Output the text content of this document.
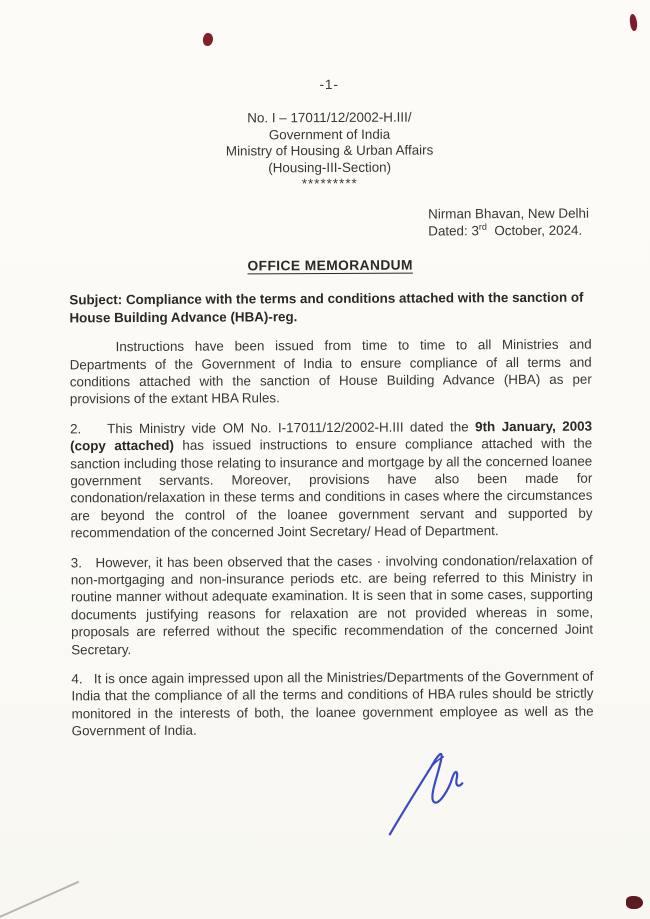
-1-
No. I – 17011/12/2002-H.III/
Government of India
Ministry of Housing & Urban Affairs
(Housing-III-Section)
*********
Nirman Bhavan, New Delhi
Dated: 3rd  October, 2024.
OFFICE MEMORANDUM
Subject: Compliance with the terms and conditions attached with the sanction of House Building Advance (HBA)-reg.

Instructions have been issued from time to time to all Ministries and Departments of the Government of India to ensure compliance of all terms and conditions attached with the sanction of House Building Advance (HBA) as per provisions of the extant HBA Rules.

2.    This Ministry vide OM No. I-17011/12/2002-H.III dated the 9th January, 2003 (copy attached) has issued instructions to ensure compliance attached with the sanction including those relating to insurance and mortgage by all the concerned loanee government servants. Moreover, provisions have also been made for condonation/relaxation in these terms and conditions in cases where the circumstances are beyond the control of the loanee government servant and supported by recommendation of the concerned Joint Secretary/ Head of Department.

3.   However, it has been observed that the cases · involving condonation/relaxation of non-mortgaging and non-insurance periods etc. are being referred to this Ministry in routine manner without adequate examination. It is seen that in some cases, supporting documents justifying reasons for relaxation are not provided whereas in some, proposals are referred without the specific recommendation of the concerned Joint Secretary.

4.   It is once again impressed upon all the Ministries/Departments of the Government of India that the compliance of all the terms and conditions of HBA rules should be strictly monitored in the interests of both, the loanee government employee as well as the Government of India.
